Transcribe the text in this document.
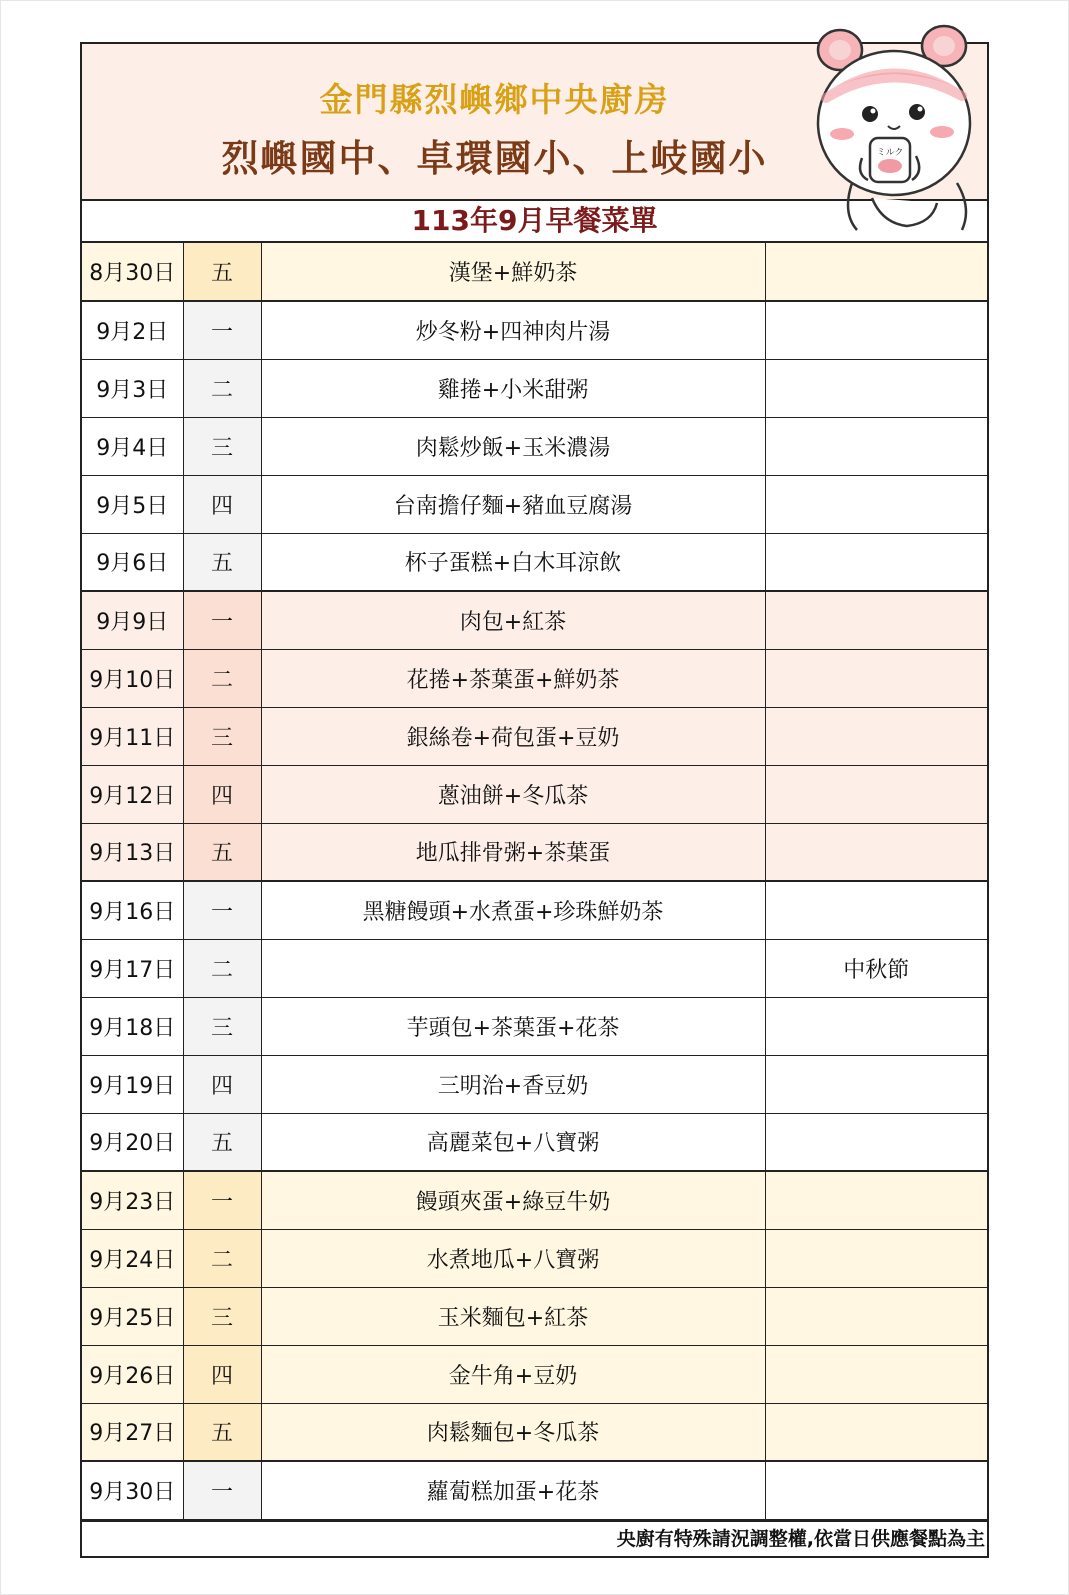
金門縣烈嶼鄉中央廚房
烈嶼國中、卓環國小、上岐國小
113年9月早餐菜單
8月30日	五	漢堡+鮮奶茶	
9月2日	一	炒冬粉+四神肉片湯	
9月3日	二	雞捲+小米甜粥	
9月4日	三	肉鬆炒飯+玉米濃湯	
9月5日	四	台南擔仔麵+豬血豆腐湯	
9月6日	五	杯子蛋糕+白木耳涼飲	
9月9日	一	肉包+紅茶	
9月10日	二	花捲+茶葉蛋+鮮奶茶	
9月11日	三	銀絲卷+荷包蛋+豆奶	
9月12日	四	蔥油餅+冬瓜茶	
9月13日	五	地瓜排骨粥+茶葉蛋	
9月16日	一	黑糖饅頭+水煮蛋+珍珠鮮奶茶	
9月17日	二		中秋節
9月18日	三	芋頭包+茶葉蛋+花茶	
9月19日	四	三明治+香豆奶	
9月20日	五	高麗菜包+八寶粥	
9月23日	一	饅頭夾蛋+綠豆牛奶	
9月24日	二	水煮地瓜+八寶粥	
9月25日	三	玉米麵包+紅茶	
9月26日	四	金牛角+豆奶	
9月27日	五	肉鬆麵包+冬瓜茶	
9月30日	一	蘿蔔糕加蛋+花茶	
央廚有特殊請況調整權,依當日供應餐點為主
ミルク
